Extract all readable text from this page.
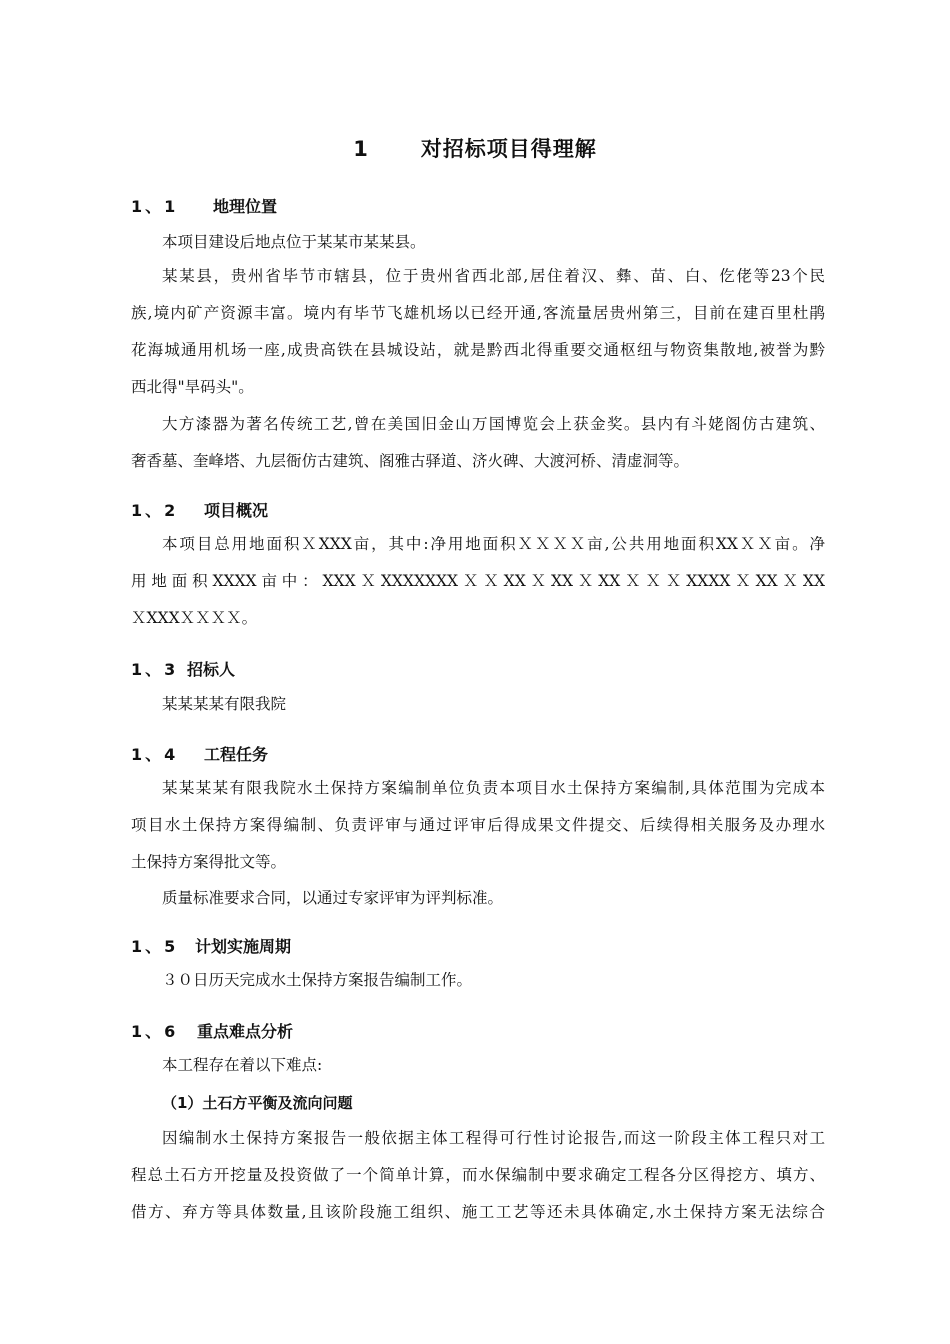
1 对招标项目得理解
1、1 地理位置
本项目建设后地点位于某某市某某县。
某某县，贵州省毕节市辖县，位于贵州省西北部,居住着汉、彝、苗、白、仡佬等23个民
族,境内矿产资源丰富。境内有毕节飞雄机场以已经开通,客流量居贵州第三，目前在建百里杜鹃
花海城通用机场一座,成贵高铁在县城设站，就是黔西北得重要交通枢纽与物资集散地,被誉为黔
西北得"旱码头"。
大方漆器为著名传统工艺,曾在美国旧金山万国博览会上获金奖。县内有斗姥阁仿古建筑、
奢香墓、奎峰塔、九层衙仿古建筑、阁雅古驿道、济火碑、大渡河桥、清虚洞等。
1、2 项目概况
本项目总用地面积ＸXXX亩，其中:净用地面积ＸＸＸＸ亩,公共用地面积XXＸＸ亩。净
用地面积XXXX亩中：XXXＸXXXXXXXＸＸXXＸXXＸXXＸＸＸXXXXＸXXＸXX
ＸXXXＸＸＸＸ。
1、3 招标人
某某某某有限我院
1、4 工程任务
某某某某有限我院水土保持方案编制单位负责本项目水土保持方案编制,具体范围为完成本
项目水土保持方案得编制、负责评审与通过评审后得成果文件提交、后续得相关服务及办理水
土保持方案得批文等。
质量标准要求合同，以通过专家评审为评判标准。
1、5 计划实施周期
３０日历天完成水土保持方案报告编制工作。
1、6 重点难点分析
本工程存在着以下难点:
（1）土石方平衡及流向问题
因编制水土保持方案报告一般依据主体工程得可行性讨论报告,而这一阶段主体工程只对工
程总土石方开挖量及投资做了一个简单计算，而水保编制中要求确定工程各分区得挖方、填方、
借方、弃方等具体数量,且该阶段施工组织、施工工艺等还未具体确定,水土保持方案无法综合
